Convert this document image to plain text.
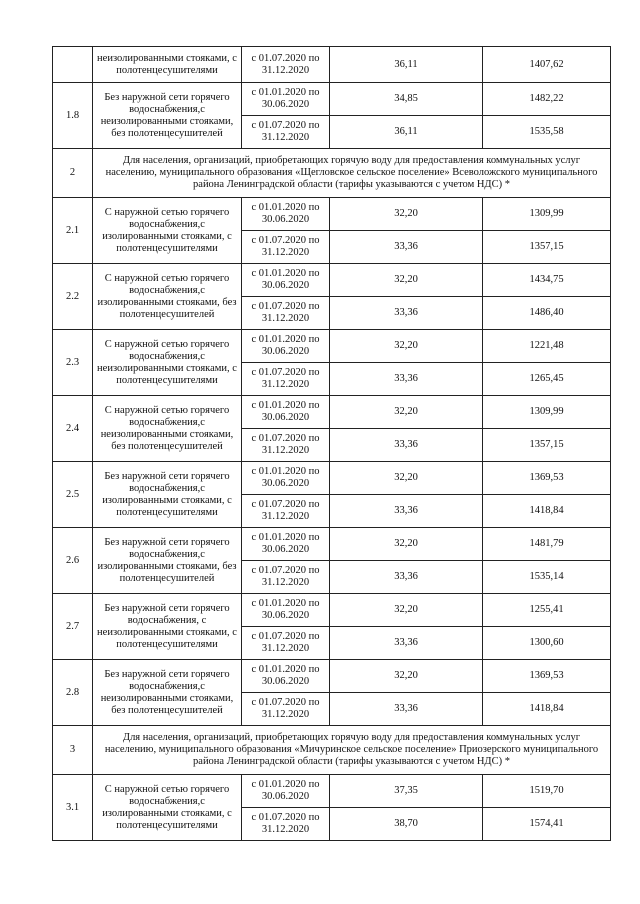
	неизолированными стояками, с полотенцесушителями	с 01.07.2020 по 31.12.2020	36,11	1407,62
1.8	Без наружной сети горячего водоснабжения,с неизолированными стояками, без полотенцесушителей	с 01.01.2020 по 30.06.2020	34,85	1482,22
		с 01.07.2020 по 31.12.2020	36,11	1535,58
2	Для населения, организаций, приобретающих горячую воду для предоставления коммунальных услуг населению, муниципального образования «Щегловское сельское поселение» Всеволожского муниципального района Ленинградской области (тарифы указываются с учетом НДС) *			
2.1	С наружной сетью горячего водоснабжения,с изолированными стояками, с полотенцесушителями	с 01.01.2020 по 30.06.2020	32,20	1309,99
		с 01.07.2020 по 31.12.2020	33,36	1357,15
2.2	С наружной сетью горячего водоснабжения,с изолированными стояками, без полотенцесушителей	с 01.01.2020 по 30.06.2020	32,20	1434,75
		с 01.07.2020 по 31.12.2020	33,36	1486,40
2.3	С наружной сетью горячего водоснабжения,с неизолированными стояками, с полотенцесушителями	с 01.01.2020 по 30.06.2020	32,20	1221,48
		с 01.07.2020 по 31.12.2020	33,36	1265,45
2.4	С наружной сетью горячего водоснабжения,с неизолированными стояками, без полотенцесушителей	с 01.01.2020 по 30.06.2020	32,20	1309,99
		с 01.07.2020 по 31.12.2020	33,36	1357,15
2.5	Без наружной сети горячего водоснабжения,с изолированными стояками, с полотенцесушителями	с 01.01.2020 по 30.06.2020	32,20	1369,53
		с 01.07.2020 по 31.12.2020	33,36	1418,84
2.6	Без наружной сети горячего водоснабжения,с изолированными стояками, без полотенцесушителей	с 01.01.2020 по 30.06.2020	32,20	1481,79
		с 01.07.2020 по 31.12.2020	33,36	1535,14
2.7	Без наружной сети горячего водоснабжения, с неизолированными стояками, с полотенцесушителями	с 01.01.2020 по 30.06.2020	32,20	1255,41
		с 01.07.2020 по 31.12.2020	33,36	1300,60
2.8	Без наружной сети горячего водоснабжения,с неизолированными стояками, без полотенцесушителей	с 01.01.2020 по 30.06.2020	32,20	1369,53
		с 01.07.2020 по 31.12.2020	33,36	1418,84
3	Для населения, организаций, приобретающих горячую воду для предоставления коммунальных услуг населению, муниципального образования «Мичуринское сельское поселение» Приозерского муниципального района Ленинградской области (тарифы указываются с учетом НДС) *			
3.1	С наружной сетью горячего водоснабжения,с изолированными стояками, с полотенцесушителями	с 01.01.2020 по 30.06.2020	37,35	1519,70
		с 01.07.2020 по 31.12.2020	38,70	1574,41
